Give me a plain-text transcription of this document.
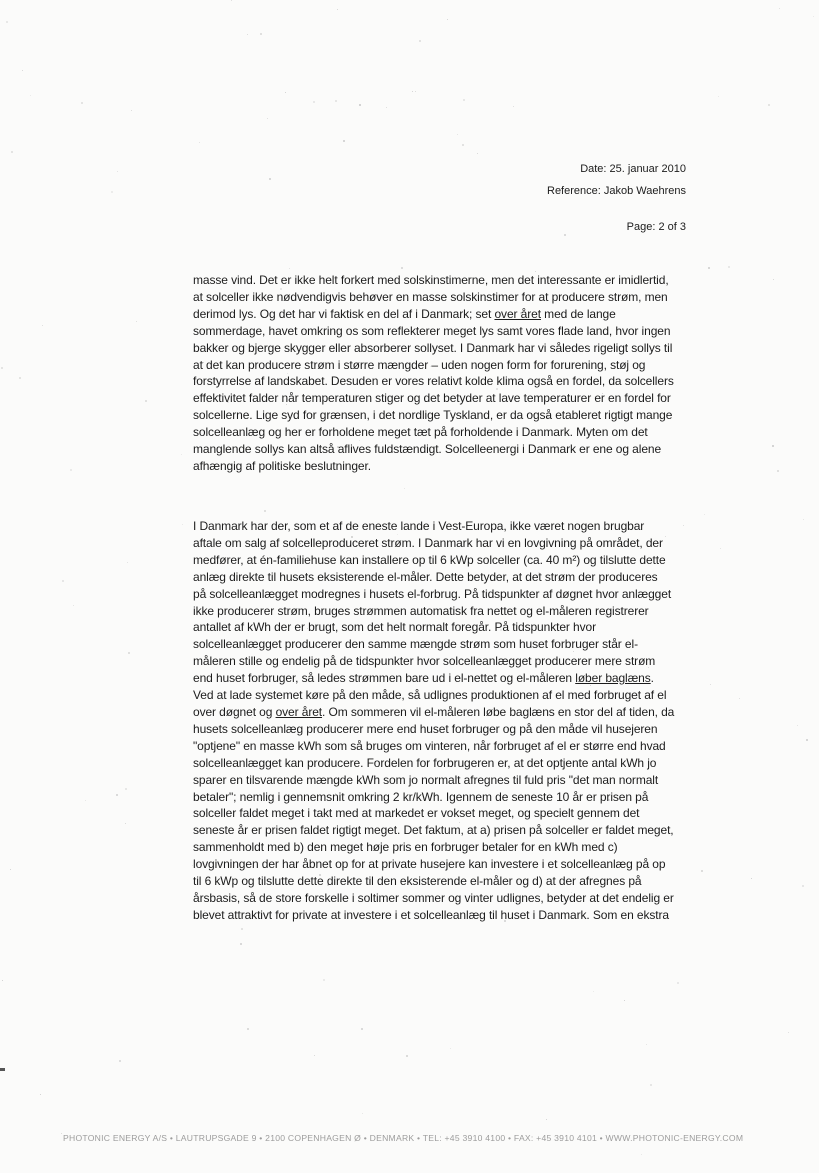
Date: 25. januar 2010
Reference: Jakob Waehrens
Page: 2 of 3
masse vind. Det er ikke helt forkert med solskinstimerne, men det interessante er imidlertid,
at solceller ikke nødvendigvis behøver en masse solskinstimer for at producere strøm, men
derimod lys. Og det har vi faktisk en del af i Danmark; set over året med de lange
sommerdage, havet omkring os som reflekterer meget lys samt vores flade land, hvor ingen
bakker og bjerge skygger eller absorberer sollyset. I Danmark har vi således rigeligt sollys til
at det kan producere strøm i større mængder – uden nogen form for forurening, støj og
forstyrrelse af landskabet. Desuden er vores relativt kolde klima også en fordel, da solcellers
effektivitet falder når temperaturen stiger og det betyder at lave temperaturer er en fordel for
solcellerne. Lige syd for grænsen, i det nordlige Tyskland, er da også etableret rigtigt mange
solcelleanlæg og her er forholdene meget tæt på forholdende i Danmark. Myten om det
manglende sollys kan altså aflives fuldstændigt. Solcelleenergi i Danmark er ene og alene
afhængig af politiske beslutninger.
I Danmark har der, som et af de eneste lande i Vest-Europa, ikke været nogen brugbar
aftale om salg af solcelleproduceret strøm. I Danmark har vi en lovgivning på området, der
medfører, at én-familiehuse kan installere op til 6 kWp solceller (ca. 40 m²) og tilslutte dette
anlæg direkte til husets eksisterende el-måler. Dette betyder, at det strøm der produceres
på solcelleanlægget modregnes i husets el-forbrug. På tidspunkter af døgnet hvor anlægget
ikke producerer strøm, bruges strømmen automatisk fra nettet og el-måleren registrerer
antallet af kWh der er brugt, som det helt normalt foregår. På tidspunkter hvor
solcelleanlægget producerer den samme mængde strøm som huset forbruger står el-
måleren stille og endelig på de tidspunkter hvor solcelleanlægget producerer mere strøm
end huset forbruger, så ledes strømmen bare ud i el-nettet og el-måleren løber baglæns.
Ved at lade systemet køre på den måde, så udlignes produktionen af el med forbruget af el
over døgnet og over året. Om sommeren vil el-måleren løbe baglæns en stor del af tiden, da
husets solcelleanlæg producerer mere end huset forbruger og på den måde vil husejeren
"optjene" en masse kWh som så bruges om vinteren, når forbruget af el er større end hvad
solcelleanlægget kan producere. Fordelen for forbrugeren er, at det optjente antal kWh jo
sparer en tilsvarende mængde kWh som jo normalt afregnes til fuld pris "det man normalt
betaler"; nemlig i gennemsnit omkring 2 kr/kWh. Igennem de seneste 10 år er prisen på
solceller faldet meget i takt med at markedet er vokset meget, og specielt gennem det
seneste år er prisen faldet rigtigt meget. Det faktum, at a) prisen på solceller er faldet meget,
sammenholdt med b) den meget høje pris en forbruger betaler for en kWh med c)
lovgivningen der har åbnet op for at private husejere kan investere i et solcelleanlæg på op
til 6 kWp og tilslutte dette direkte til den eksisterende el-måler og d) at der afregnes på
årsbasis, så de store forskelle i soltimer sommer og vinter udlignes, betyder at det endelig er
blevet attraktivt for private at investere i et solcelleanlæg til huset i Danmark. Som en ekstra
PHOTONIC ENERGY A/S • LAUTRUPSGADE 9 • 2100 COPENHAGEN Ø • DENMARK • TEL: +45 3910 4100 • FAX: +45 3910 4101 • WWW.PHOTONIC-ENERGY.COM
